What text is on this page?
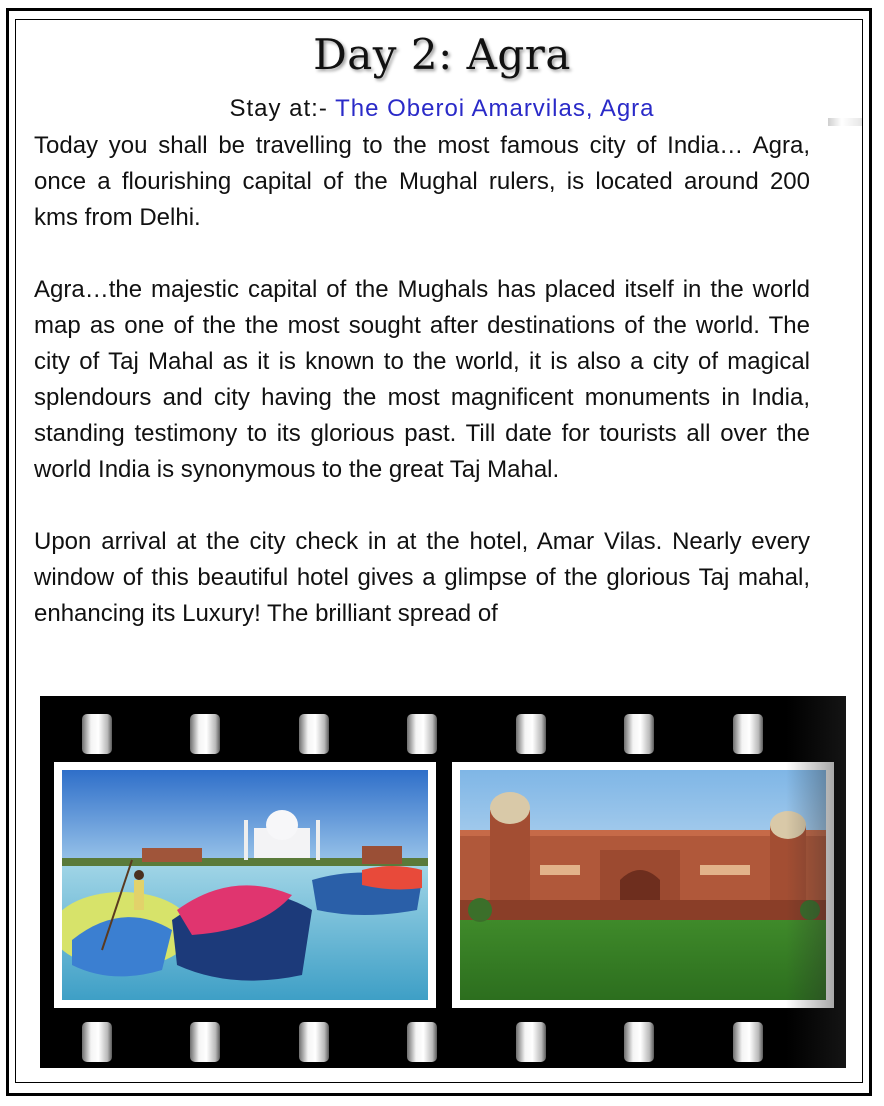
Day 2: Agra
Stay at:- The Oberoi Amarvilas, Agra

Today you shall be travelling to the most famous city of India… Agra, once a flourishing capital of the Mughal rulers, is located around 200 kms from Delhi.

Agra…the majestic capital of the Mughals has placed itself in the world map as one of the the most sought after destinations of the world. The city of Taj Mahal as it is known to the world, it is also a city of magical splendours and city having the most magnificent monuments in India, standing testimony to its glorious past. Till date for tourists all over the world India is synonymous to the great Taj Mahal.

Upon arrival at the city check in at the hotel, Amar Vilas. Nearly every window of this beautiful hotel gives a glimpse of the glorious Taj mahal, enhancing its Luxury! The brilliant spread of
